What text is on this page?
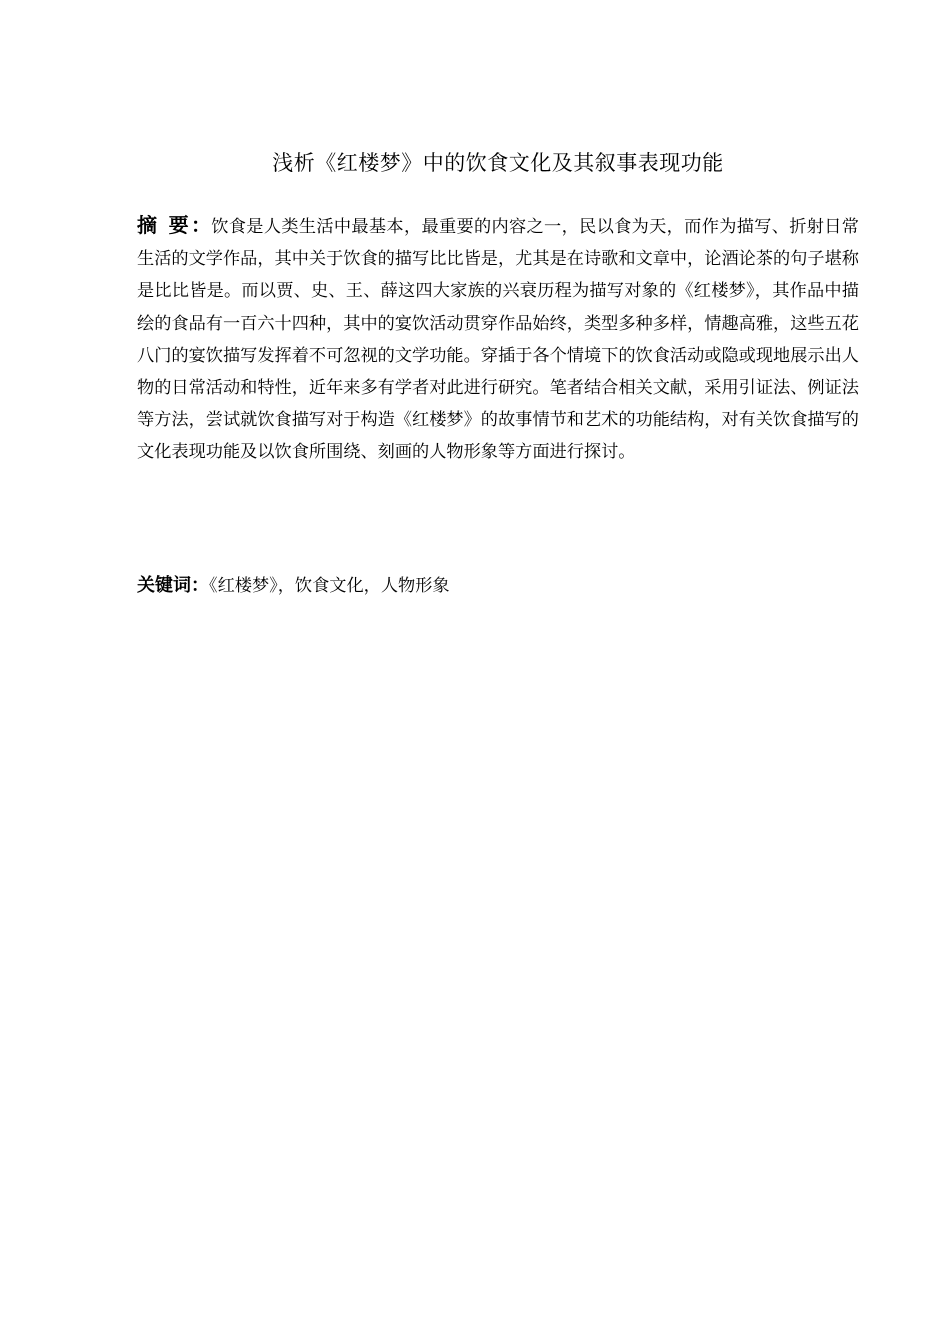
浅析《红楼梦》中的饮食文化及其叙事表现功能
摘 要：饮食是人类生活中最基本，最重要的内容之一，民以食为天，而作为描写、折射日常生活的文学作品，其中关于饮食的描写比比皆是，尤其是在诗歌和文章中，论酒论茶的句子堪称是比比皆是。而以贾、史、王、薛这四大家族的兴衰历程为描写对象的《红楼梦》，其作品中描绘的食品有一百六十四种，其中的宴饮活动贯穿作品始终，类型多种多样，情趣高雅，这些五花八门的宴饮描写发挥着不可忽视的文学功能。穿插于各个情境下的饮食活动或隐或现地展示出人物的日常活动和特性，近年来多有学者对此进行研究。笔者结合相关文献，采用引证法、例证法等方法，尝试就饮食描写对于构造《红楼梦》的故事情节和艺术的功能结构，对有关饮食描写的文化表现功能及以饮食所围绕、刻画的人物形象等方面进行探讨。
关键词：《红楼梦》，饮食文化，人物形象
